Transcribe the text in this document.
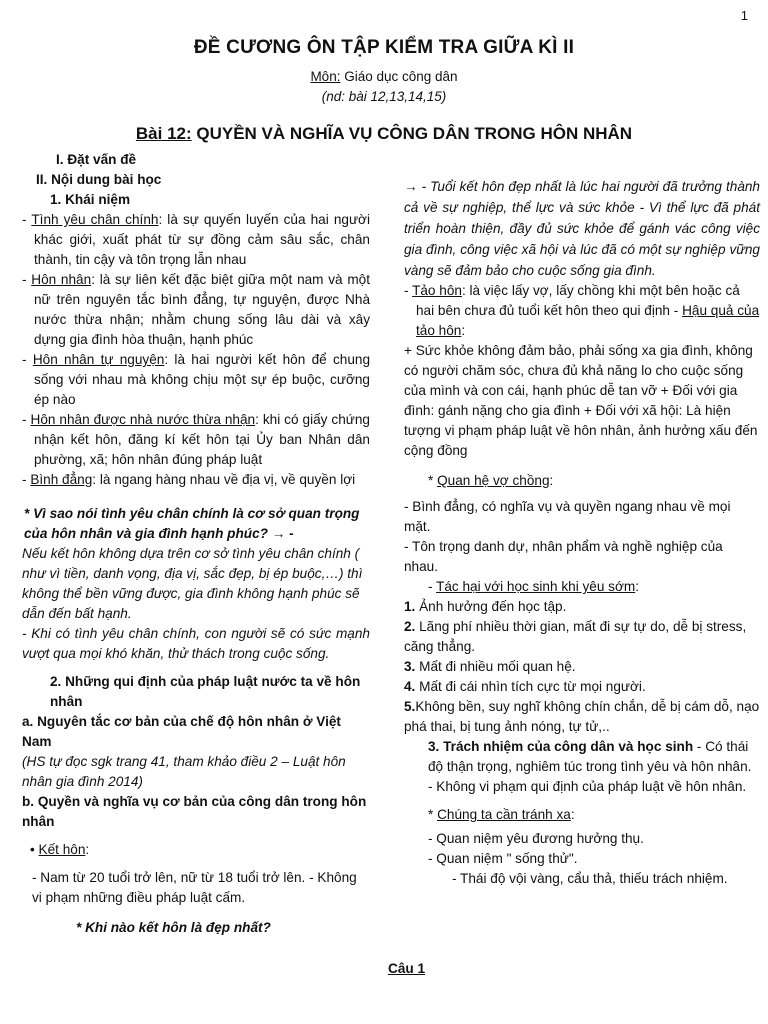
1
ĐỀ CƯƠNG ÔN TẬP KIỂM TRA GIỮA KÌ II
Môn: Giáo dục công dân
(nd: bài 12,13,14,15)
Bài 12: QUYỀN VÀ NGHĨA VỤ CÔNG DÂN TRONG HÔN NHÂN

I. Đặt vấn đề

II. Nội dung bài học

1. Khái niệm

- Tình yêu chân chính: là sự quyến luyến của hai người khác giới, xuất phát từ sự đồng cảm sâu sắc, chân thành, tin cậy và tôn trọng lẫn nhau

- Hôn nhân: là sự liên kết đặc biệt giữa một nam và một nữ trên nguyên tắc bình đẳng, tự nguyện, được Nhà nước thừa nhận; nhằm chung sống lâu dài và xây dựng gia đình hòa thuận, hạnh phúc

- Hôn nhân tự nguyện: là hai người kết hôn để chung sống với nhau mà không chịu một sự ép buộc, cưỡng ép nào

- Hôn nhân được nhà nước thừa nhận: khi có giấy chứng nhận kết hôn, đăng kí kết hôn tại Ủy ban Nhân dân phường, xã; hôn nhân đúng pháp luật

- Bình đẳng: là ngang hàng nhau về địa vị, về quyền lợi

* Vì sao nói tình yêu chân chính là cơ sở quan trọng của hôn nhân và gia đình hạnh phúc? → -

Nếu kết hôn không dựa trên cơ sở tình yêu chân chính ( như vì tiền, danh vọng, địa vị, sắc đẹp, bị ép buộc,…) thì không thể bền vững được, gia đình không hạnh phúc sẽ dẫn đến bất hạnh.

- Khi có tình yêu chân chính, con người sẽ có sức mạnh vượt qua mọi khó khăn, thử thách trong cuộc sống.

2. Những qui định của pháp luật nước ta về hôn nhân

a. Nguyên tắc cơ bản của chế độ hôn nhân ở Việt Nam

(HS tự đọc sgk trang 41, tham khảo điều 2 – Luật hôn nhân gia đình 2014)

b. Quyền và nghĩa vụ cơ bản của công dân trong hôn nhân

• Kết hôn:

- Nam từ 20 tuổi trở lên, nữ từ 18 tuổi trở lên. - Không vi phạm những điều pháp luật cấm.

* Khi nào kết hôn là đẹp nhất?

→ - Tuổi kết hôn đẹp nhất là lúc hai người đã trưởng thành cả về sự nghiệp, thể lực và sức khỏe - Vì thể lực đã phát triển hoàn thiện, đầy đủ sức khỏe để gánh vác công việc gia đình, công việc xã hội và lúc đã có một sự nghiệp vững vàng sẽ đảm bảo cho cuộc sống gia đình.

- Tảo hôn: là việc lấy vợ, lấy chồng khi một bên hoặc cả hai bên chưa đủ tuổi kết hôn theo qui định - Hậu quả của tảo hôn:

+ Sức khỏe không đảm bảo, phải sống xa gia đình, không có người chăm sóc, chưa đủ khả năng lo cho cuộc sống của mình và con cái, hạnh phúc dễ tan vỡ + Đối với gia đình: gánh nặng cho gia đình + Đối với xã hội: Là hiện tượng vi phạm pháp luật về hôn nhân, ảnh hưởng xấu đến cộng đồng

* Quan hệ vợ chồng:

- Bình đẳng, có nghĩa vụ và quyền ngang nhau về mọi mặt.

- Tôn trọng danh dự, nhân phẩm và nghề nghiệp của nhau.

- Tác hại với học sinh khi yêu sớm:

1. Ảnh hưởng đến học tập.

2. Lãng phí nhiều thời gian, mất đi sự tự do, dễ bị stress, căng thẳng.

3. Mất đi nhiều mối quan hệ.

4. Mất đi cái nhìn tích cực từ mọi người.

5.Không bền, suy nghĩ không chín chắn, dễ bị cám dỗ, nạo phá thai, bị tung ảnh nóng, tự tử,..

3. Trách nhiệm của công dân và học sinh - Có thái độ thận trọng, nghiêm túc trong tình yêu và hôn nhân.

- Không vi phạm qui định của pháp luật về hôn nhân.

* Chúng ta cần tránh xa:

- Quan niệm yêu đương hưởng thụ.

- Quan niệm " sống thử".

- Thái độ vội vàng, cẩu thả, thiếu trách nhiệm.

Câu 1
